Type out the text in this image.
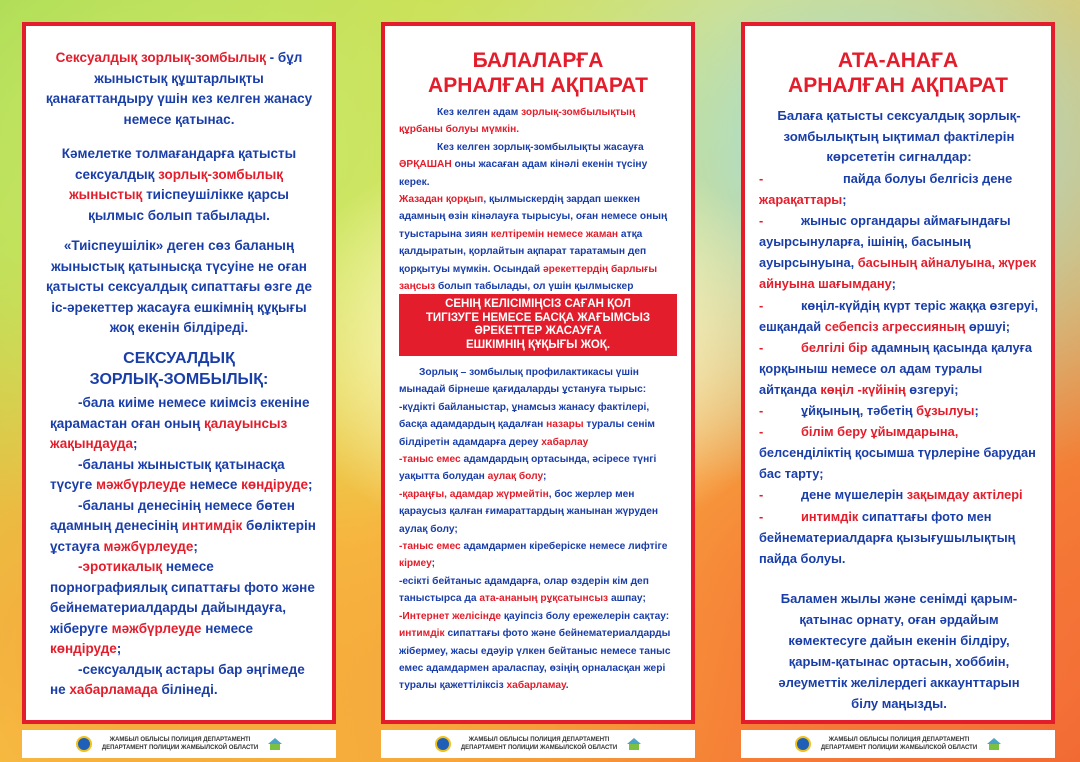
Сексуалдық зорлық-зомбылық - бұл жыныстық құштарлықты қанағаттандыру үшін кез келген жанасу немесе қатынас.
Кәмелетке толмағандарға қатысты сексуалдық зорлық-зомбылық жыныстық тиіспеушілікке қарсы қылмыс болып табылады.
«Тиіспеушілік» деген сөз баланың жыныстық қатынысқа түсуіне не оған қатысты сексуалдық сипаттағы өзге де іс-әрекеттер жасауға ешкімнің құқығы жоқ екенін білдіреді.
СЕКСУАЛДЫҚ ЗОРЛЫҚ-ЗОМБЫЛЫҚ:
-бала киіме немесе киімсіз екеніне қарамастан оған оның қалауынсыз жақындауда;
-баланы жыныстық қатынасқа түсуге мәжбүрлеуде немесе көндіруде;
-баланы денесінің немесе бөтен адамның денесінің интимдік бөліктерін ұстауға мәжбүрлеуде;
-эротикалық немесе порнографиялық сипаттағы фото және бейнематериалдарды дайындауға, жіберуге мәжбүрлеуде немесе көндіруде;
-сексуалдық астары бар әңгімеде не хабарламада білінеді.
БАЛАЛАРҒА
АРНАЛҒАН АҚПАРАТ
Кез келген адам зорлық-зомбылықтың құрбаны болуы мүмкін.
Кез келген зорлық-зомбылықты жасауға ӘРҚАШАН оны жасаған адам кінәлі екенін түсіну керек.
Жазадан қорқып, қылмыскердің зардап шеккен адамның өзін кінәлауға тырысуы, оған немесе оның туыстарына зиян келтіремін немесе жаман атқа қалдыратын, қорлайтын ақпарат таратамын деп қорқытуы мүмкін. Осындай әрекеттердің барлығы заңсыз болып табылады, ол үшін қылмыскер
СЕНІҢ КЕЛІСІМІҢСІЗ САҒАН ҚОЛ
ТИГІЗУГЕ НЕМЕСЕ БАСҚА ЖАҒЫМСЫЗ
ӘРЕКЕТТЕР ЖАСАУҒА
ЕШКІМНІҢ ҚҰҚЫҒЫ ЖОҚ.
Зорлық – зомбылық профилактикасы үшін мынадай бірнеше қағидаларды ұстануға тырыс:
-күдікті байланыстар, ұнамсыз жанасу фактілері, басқа адамдардың қадалған назары туралы сенім білдіретін адамдарға дереу хабарлау
-таныс емес адамдардың ортасында, әсіресе түнгі уақытта болудан аулақ болу;
-қараңғы, адамдар жүрмейтін, бос жерлер мен қараусыз қалған ғимараттардың жанынан жүруден аулақ болу;
-таныс емес адамдармен кіреберіске немесе лифтіге кірмеу;
-есікті бейтаныс адамдарға, олар өздерін кім деп таныстырса да ата-ананың рұқсатынсыз ашпау;
-Интернет желісінде қауіпсіз болу ережелерін сақтау: интимдік сипаттағы фото және бейнематериалдарды жібермеу, жасы едәуір үлкен бейтаныс немесе таныс емес адамдармен араласпау, өзіңің орналасқан жері туралы қажеттіліксіз хабарламау.
АТА-АНАҒА
АРНАЛҒАН АҚПАРАТ
Балаға қатысты сексуалдық зорлық-зомбылықтың ықтимал фактілерін көрсететін сигналдар:
-	пайда болуы белгісіз дене жарақаттары;
-	жыныс органдары аймағындағы ауырсынуларға, ішінің, басының ауырсынуына, басының айналуына, жүрек айнуына шағымдану;
-	көңіл-күйдің күрт теріс жаққа өзгеруі, ешқандай себепсіз агрессияның өршуі;
-	белгілі бір адамның қасында қалуға қорқыныш немесе ол адам туралы айтқанда көңіл -күйінің өзгеруі;
-	ұйқының, тәбетің бұзылуы;
-	білім беру ұйымдарына, белсенділіктің қосымша түрлеріне барудан бас тарту;
-	дене мүшелерін зақымдау актілері
-	интимдік сипаттағы фото мен бейнематериалдарға қызығушылықтың пайда болуы.
Баламен жылы және сенімді қарым-қатынас орнату, оған әрдайым көмектесуге дайын екенін білдіру, қарым-қатынас ортасын, хоббиін, әлеуметтік желілердегі аккаунттарын білу маңызды.
ЖАМБЫЛ ОБЛЫСЫ ПОЛИЦИЯ ДЕПАРТАМЕНТІ
ДЕПАРТАМЕНТ ПОЛИЦИИ ЖАМБЫЛСКОЙ ОБЛАСТИ
ЖАМБЫЛ ОБЛЫСЫ ПОЛИЦИЯ ДЕПАРТАМЕНТІ
ДЕПАРТАМЕНТ ПОЛИЦИИ ЖАМБЫЛСКОЙ ОБЛАСТИ
ЖАМБЫЛ ОБЛЫСЫ ПОЛИЦИЯ ДЕПАРТАМЕНТІ
ДЕПАРТАМЕНТ ПОЛИЦИИ ЖАМБЫЛСКОЙ ОБЛАСТИ
